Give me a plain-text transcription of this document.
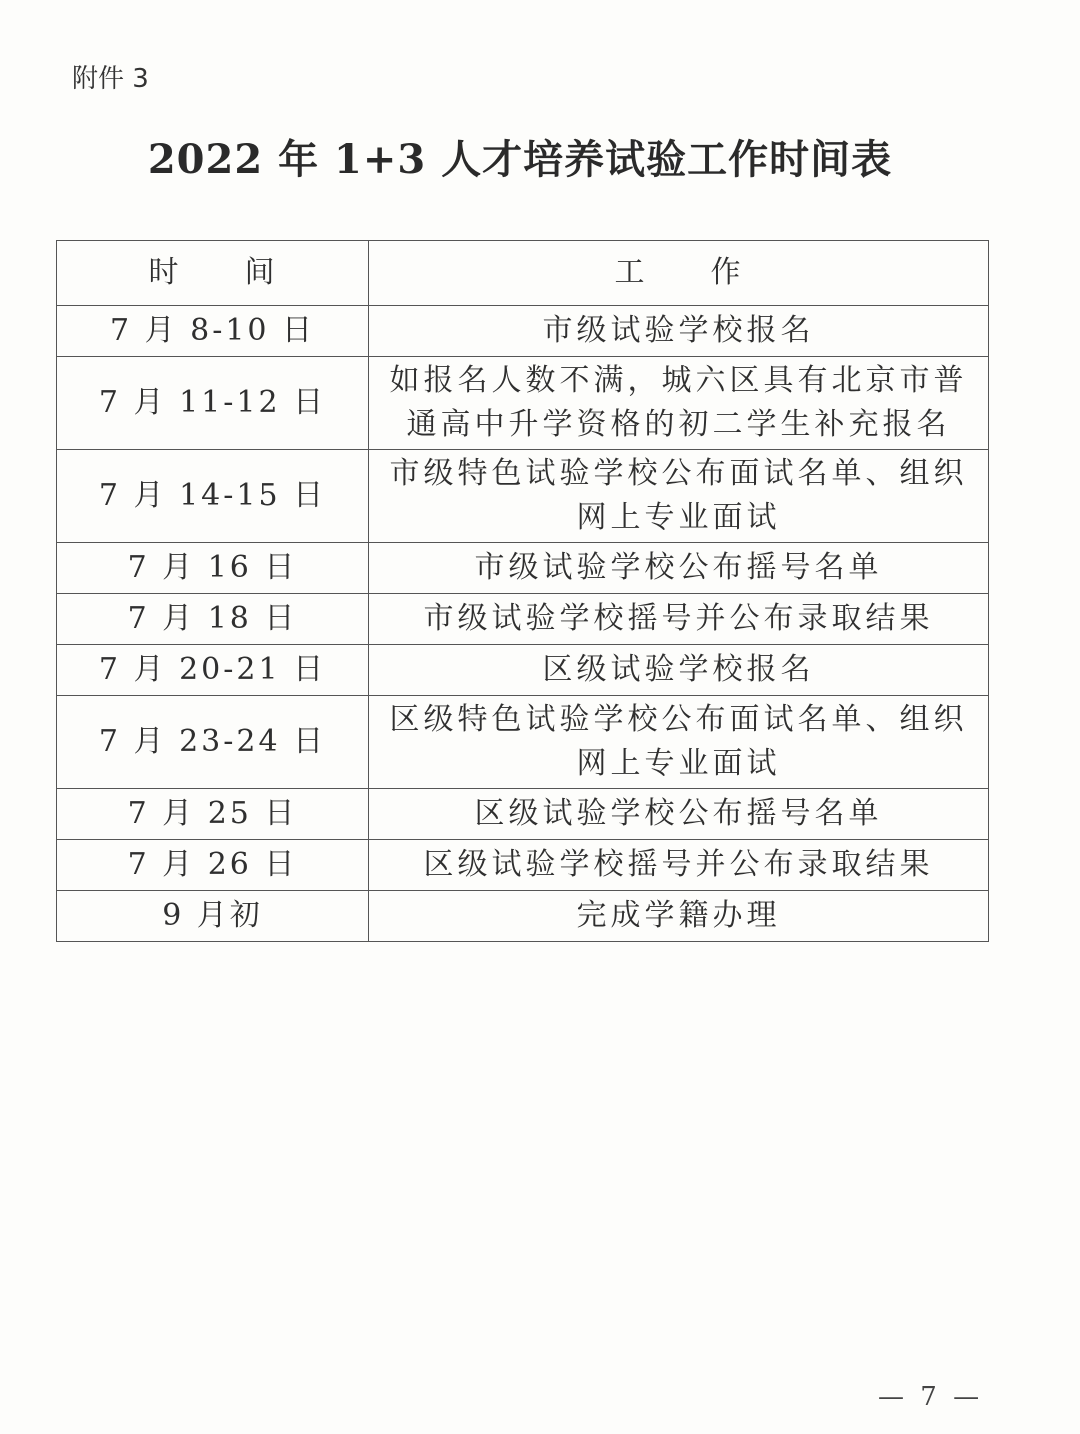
附件 3
2022 年 1+3 人才培养试验工作时间表
时　　间	工　　作
7 月 8-10 日	市级试验学校报名
7 月 11-12 日	如报名人数不满，城六区具有北京市普通高中升学资格的初二学生补充报名
7 月 14-15 日	市级特色试验学校公布面试名单、组织网上专业面试
7 月 16 日	市级试验学校公布摇号名单
7 月 18 日	市级试验学校摇号并公布录取结果
7 月 20-21 日	区级试验学校报名
7 月 23-24 日	区级特色试验学校公布面试名单、组织网上专业面试
7 月 25 日	区级试验学校公布摇号名单
7 月 26 日	区级试验学校摇号并公布录取结果
9 月初	完成学籍办理
— 7 —
